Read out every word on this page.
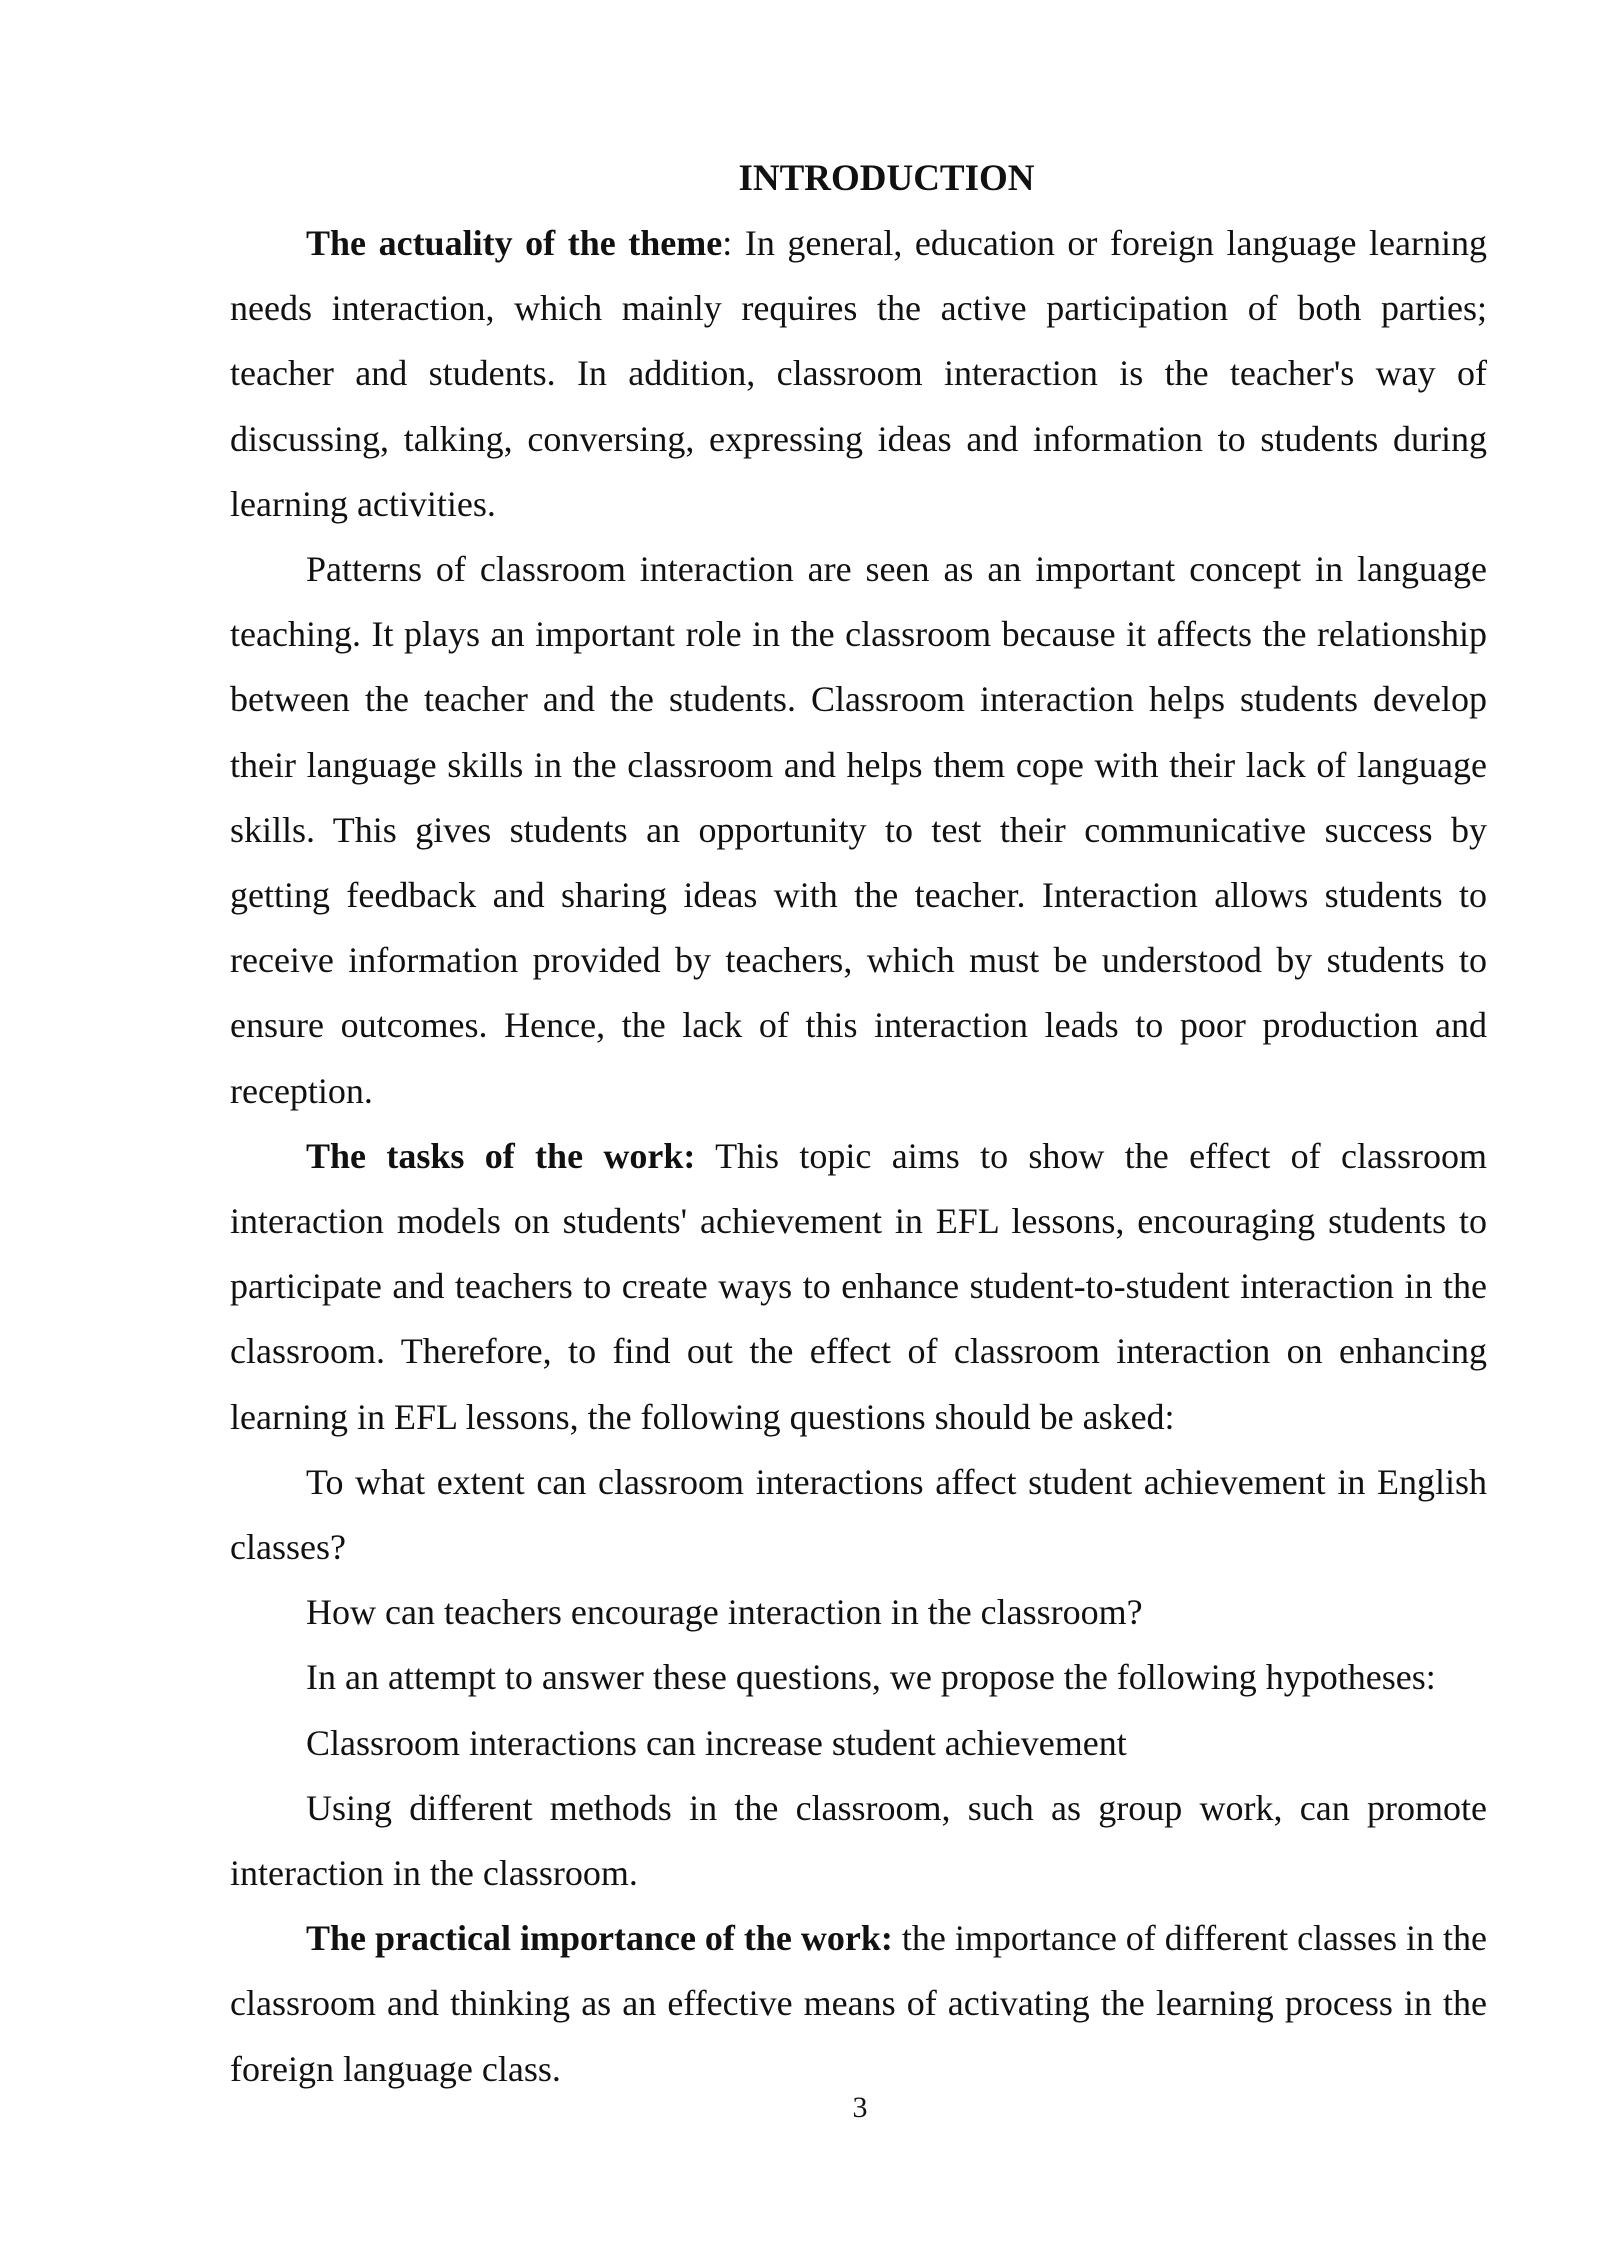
INTRODUCTION

The actuality of the theme: In general, education or foreign language learning needs interaction, which mainly requires the active participation of both parties; teacher and students. In addition, classroom interaction is the teacher's way of discussing, talking, conversing, expressing ideas and information to students during learning activities.

Patterns of classroom interaction are seen as an important concept in language teaching. It plays an important role in the classroom because it affects the relationship between the teacher and the students. Classroom interaction helps students develop their language skills in the classroom and helps them cope with their lack of language skills. This gives students an opportunity to test their communicative success by getting feedback and sharing ideas with the teacher. Interaction allows students to receive information provided by teachers, which must be understood by students to ensure outcomes. Hence, the lack of this interaction leads to poor production and reception.

The tasks of the work: This topic aims to show the effect of classroom interaction models on students' achievement in EFL lessons, encouraging students to participate and teachers to create ways to enhance student-to-student interaction in the classroom. Therefore, to find out the effect of classroom interaction on enhancing learning in EFL lessons, the following questions should be asked:

To what extent can classroom interactions affect student achievement in English classes?

How can teachers encourage interaction in the classroom?

In an attempt to answer these questions, we propose the following hypotheses:

Classroom interactions can increase student achievement

Using different methods in the classroom, such as group work, can promote interaction in the classroom.

The practical importance of the work: the importance of different classes in the classroom and thinking as an effective means of activating the learning process in the foreign language class.

3
